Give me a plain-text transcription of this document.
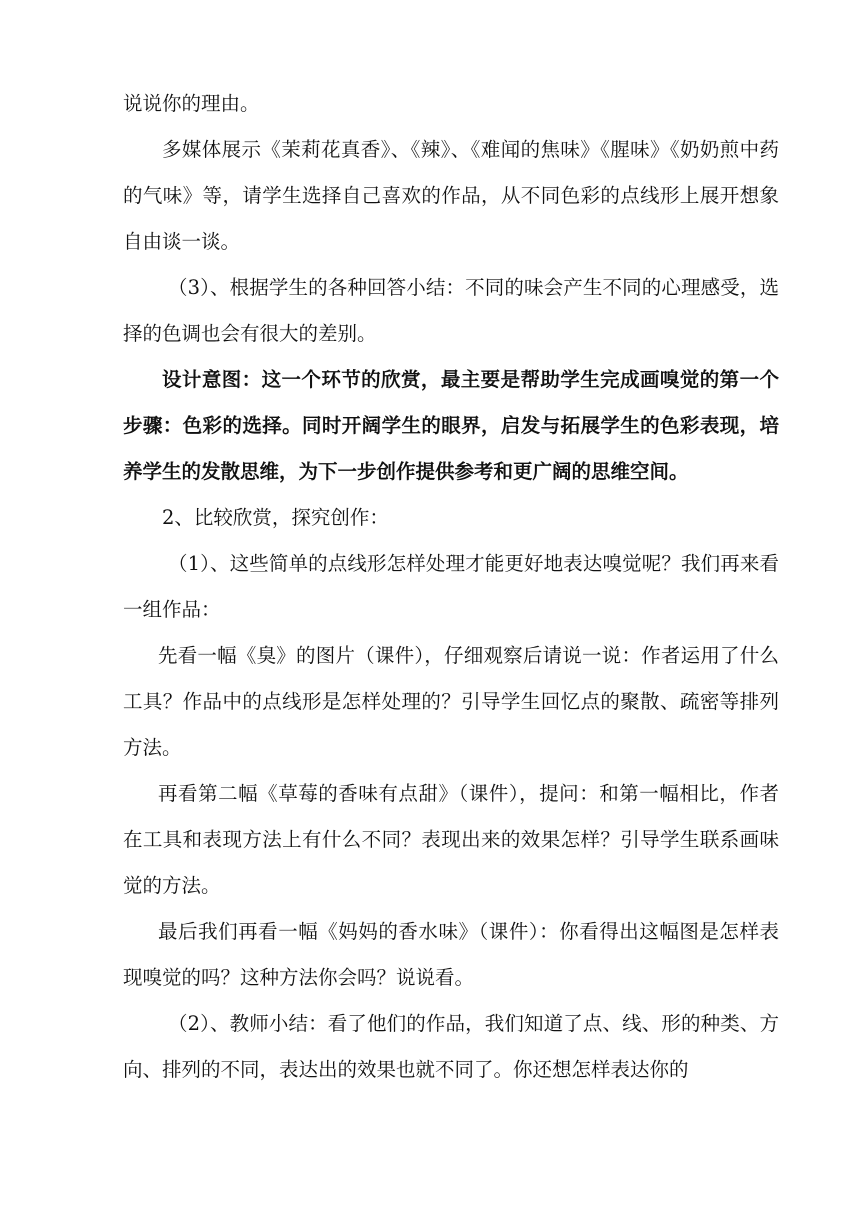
说说你的理由。

多媒体展示《茉莉花真香》、《辣》、《难闻的焦味》《腥味》《奶奶煎中药的气味》等，请学生选择自己喜欢的作品，从不同色彩的点线形上展开想象自由谈一谈。

（3）、根据学生的各种回答小结：不同的味会产生不同的心理感受，选择的色调也会有很大的差别。

设计意图：这一个环节的欣赏，最主要是帮助学生完成画嗅觉的第一个步骤：色彩的选择。同时开阔学生的眼界，启发与拓展学生的色彩表现，培养学生的发散思维，为下一步创作提供参考和更广阔的思维空间。

2、比较欣赏，探究创作：

（1）、这些简单的点线形怎样处理才能更好地表达嗅觉呢？我们再来看一组作品：

先看一幅《臭》的图片（课件），仔细观察后请说一说：作者运用了什么工具？作品中的点线形是怎样处理的？引导学生回忆点的聚散、疏密等排列方法。

再看第二幅《草莓的香味有点甜》（课件），提问：和第一幅相比，作者在工具和表现方法上有什么不同？表现出来的效果怎样？引导学生联系画味觉的方法。

最后我们再看一幅《妈妈的香水味》（课件）：你看得出这幅图是怎样表现嗅觉的吗？这种方法你会吗？说说看。

（2）、教师小结：看了他们的作品，我们知道了点、线、形的种类、方向、排列的不同，表达出的效果也就不同了。你还想怎样表达你的
